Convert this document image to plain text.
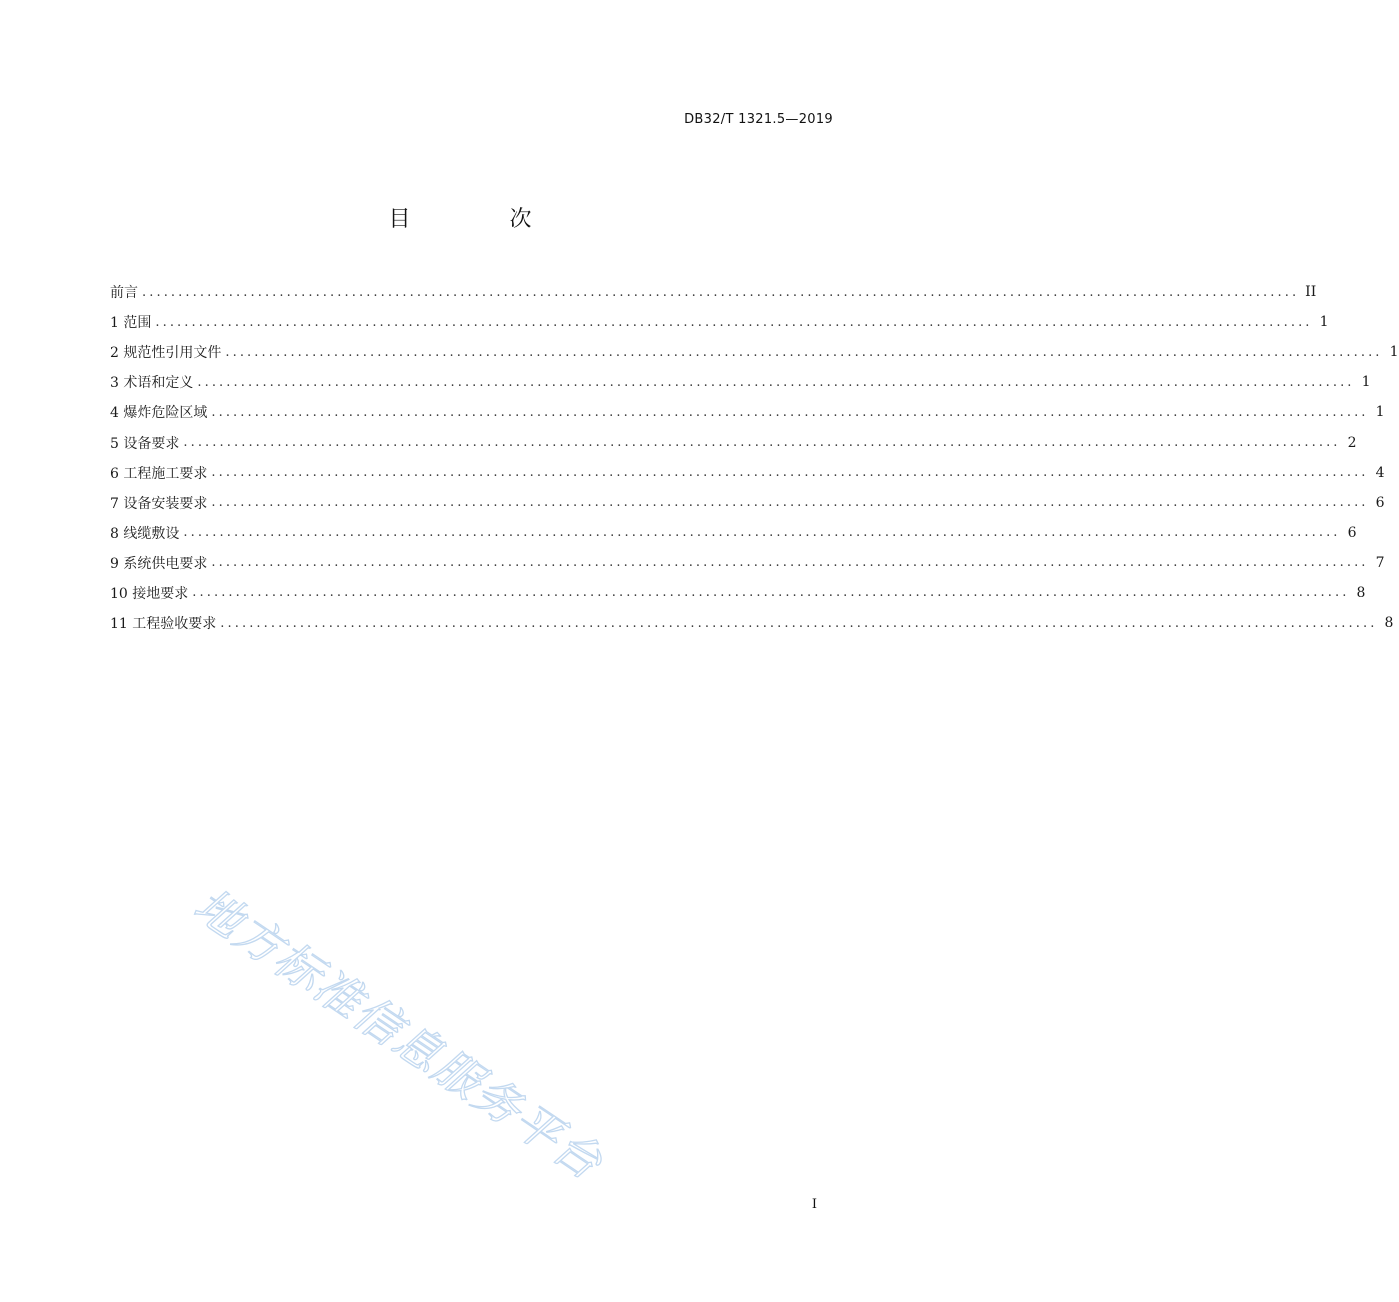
DB32/T 1321.5—2019
目 次
前言 ................................................................................................................................................................ II
1 范围 ................................................................................................................................................................ 1
2 规范性引用文件 ................................................................................................................................................................ 1
3 术语和定义 ................................................................................................................................................................ 1
4 爆炸危险区域 ................................................................................................................................................................ 1
5 设备要求 ................................................................................................................................................................ 2
6 工程施工要求 ................................................................................................................................................................ 4
7 设备安装要求 ................................................................................................................................................................ 6
8 线缆敷设 ................................................................................................................................................................ 6
9 系统供电要求 ................................................................................................................................................................ 7
10 接地要求 ................................................................................................................................................................ 8
11 工程验收要求 ................................................................................................................................................................ 8
地方标准信息服务平台
I
